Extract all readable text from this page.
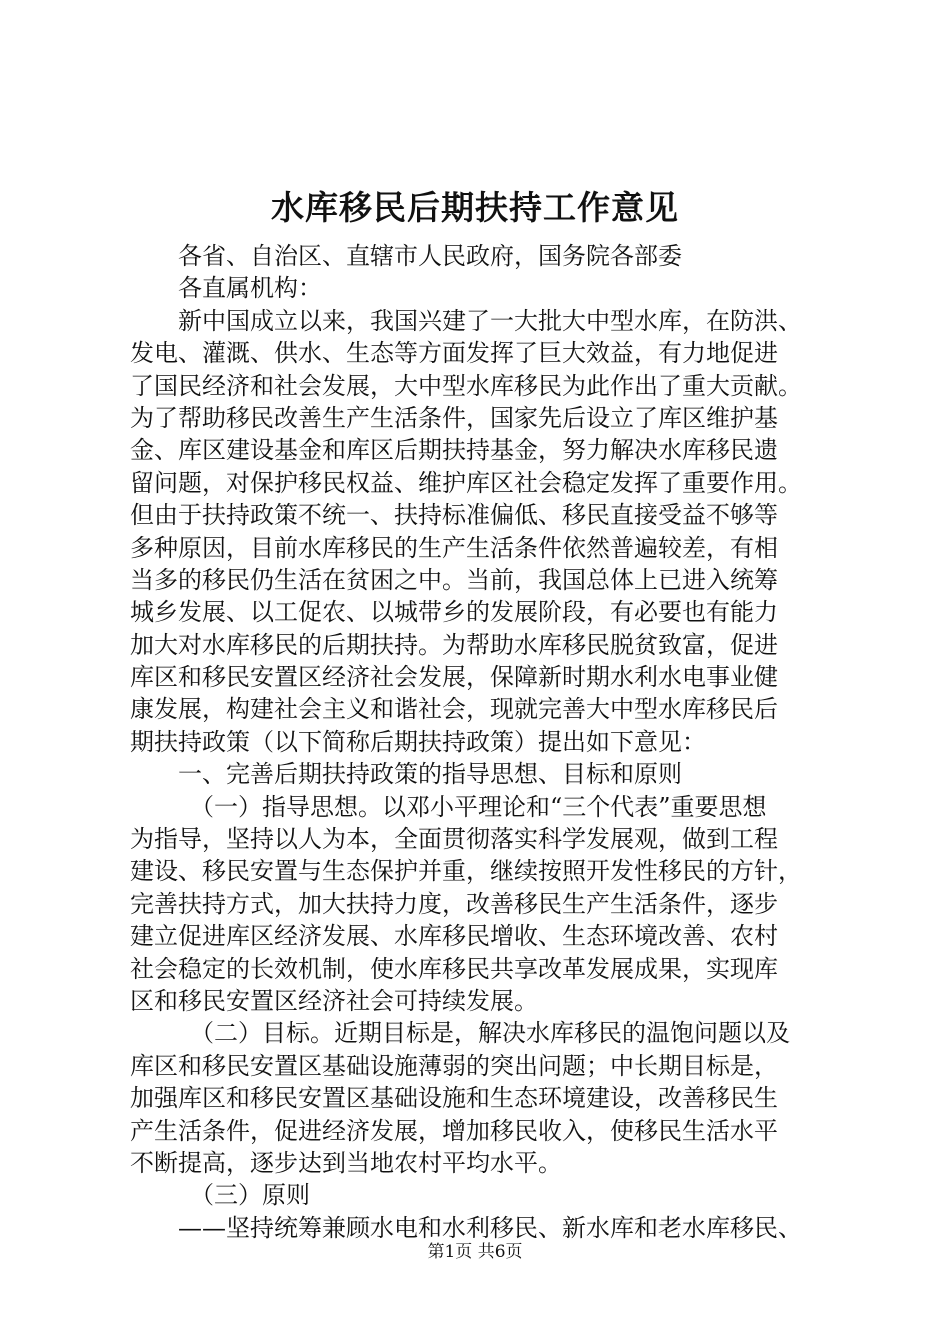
水库移民后期扶持工作意见
各省、自治区、直辖市人民政府，国务院各部委
各直属机构：
新中国成立以来，我国兴建了一大批大中型水库，在防洪、
发电、灌溉、供水、生态等方面发挥了巨大效益，有力地促进
了国民经济和社会发展，大中型水库移民为此作出了重大贡献。
为了帮助移民改善生产生活条件，国家先后设立了库区维护基
金、库区建设基金和库区后期扶持基金，努力解决水库移民遗
留问题，对保护移民权益、维护库区社会稳定发挥了重要作用。
但由于扶持政策不统一、扶持标准偏低、移民直接受益不够等
多种原因，目前水库移民的生产生活条件依然普遍较差，有相
当多的移民仍生活在贫困之中。当前，我国总体上已进入统筹
城乡发展、以工促农、以城带乡的发展阶段，有必要也有能力
加大对水库移民的后期扶持。为帮助水库移民脱贫致富，促进
库区和移民安置区经济社会发展，保障新时期水利水电事业健
康发展，构建社会主义和谐社会，现就完善大中型水库移民后
期扶持政策（以下简称后期扶持政策）提出如下意见：
一、完善后期扶持政策的指导思想、目标和原则
（一）指导思想。以邓小平理论和“三个代表”重要思想
为指导，坚持以人为本，全面贯彻落实科学发展观，做到工程
建设、移民安置与生态保护并重，继续按照开发性移民的方针，
完善扶持方式，加大扶持力度，改善移民生产生活条件，逐步
建立促进库区经济发展、水库移民增收、生态环境改善、农村
社会稳定的长效机制，使水库移民共享改革发展成果，实现库
区和移民安置区经济社会可持续发展。
（二）目标。近期目标是，解决水库移民的温饱问题以及
库区和移民安置区基础设施薄弱的突出问题；中长期目标是，
加强库区和移民安置区基础设施和生态环境建设，改善移民生
产生活条件，促进经济发展，增加移民收入，使移民生活水平
不断提高，逐步达到当地农村平均水平。
（三）原则
——坚持统筹兼顾水电和水利移民、新水库和老水库移民、
第1页 共6页
